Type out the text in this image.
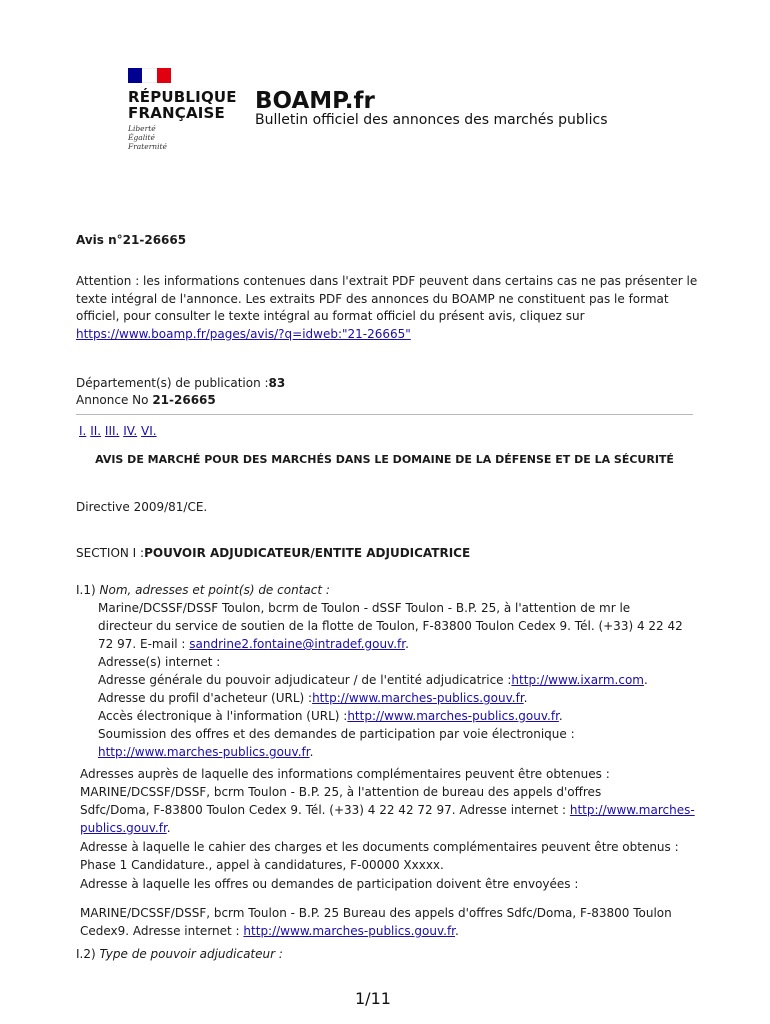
RÉPUBLIQUE
FRANÇAISE
Liberté
Égalité
Fraternité
BOAMP.fr
Bulletin officiel des annonces des marchés publics
Avis n°21-26665
Attention : les informations contenues dans l'extrait PDF peuvent dans certains cas ne pas présenter le texte intégral de l'annonce. Les extraits PDF des annonces du BOAMP ne constituent pas le format officiel, pour consulter le texte intégral au format officiel du présent avis, cliquez sur https://www.boamp.fr/pages/avis/?q=idweb:"21-26665"
Département(s) de publication :83
Annonce No 21-26665
I. II. III. IV. VI.
AVIS DE MARCHÉ POUR DES MARCHÉS DANS LE DOMAINE DE LA DÉFENSE ET DE LA SÉCURITÉ
Directive 2009/81/CE.
SECTION I :POUVOIR ADJUDICATEUR/ENTITE ADJUDICATRICE
I.1) Nom, adresses et point(s) de contact :
Marine/DCSSF/DSSF Toulon, bcrm de Toulon - dSSF Toulon - B.P. 25, à l'attention de mr le
directeur du service de soutien de la flotte de Toulon, F-83800 Toulon Cedex 9. Tél. (+33) 4 22 42
72 97. E-mail : sandrine2.fontaine@intradef.gouv.fr.
Adresse(s) internet :
Adresse générale du pouvoir adjudicateur / de l'entité adjudicatrice :http://www.ixarm.com.
Adresse du profil d'acheteur (URL) :http://www.marches-publics.gouv.fr.
Accès électronique à l'information (URL) :http://www.marches-publics.gouv.fr.
Soumission des offres et des demandes de participation par voie électronique :
http://www.marches-publics.gouv.fr.
Adresses auprès de laquelle des informations complémentaires peuvent être obtenues :
MARINE/DCSSF/DSSF, bcrm Toulon - B.P. 25, à l'attention de bureau des appels d'offres
Sdfc/Doma, F-83800 Toulon Cedex 9. Tél. (+33) 4 22 42 72 97. Adresse internet : http://www.marches-
publics.gouv.fr.
Adresse à laquelle le cahier des charges et les documents complémentaires peuvent être obtenus :
Phase 1 Candidature., appel à candidatures, F-00000 Xxxxx.
Adresse à laquelle les offres ou demandes de participation doivent être envoyées :
MARINE/DCSSF/DSSF, bcrm Toulon - B.P. 25 Bureau des appels d'offres Sdfc/Doma, F-83800 Toulon
Cedex9. Adresse internet : http://www.marches-publics.gouv.fr.
I.2) Type de pouvoir adjudicateur :
1/11
